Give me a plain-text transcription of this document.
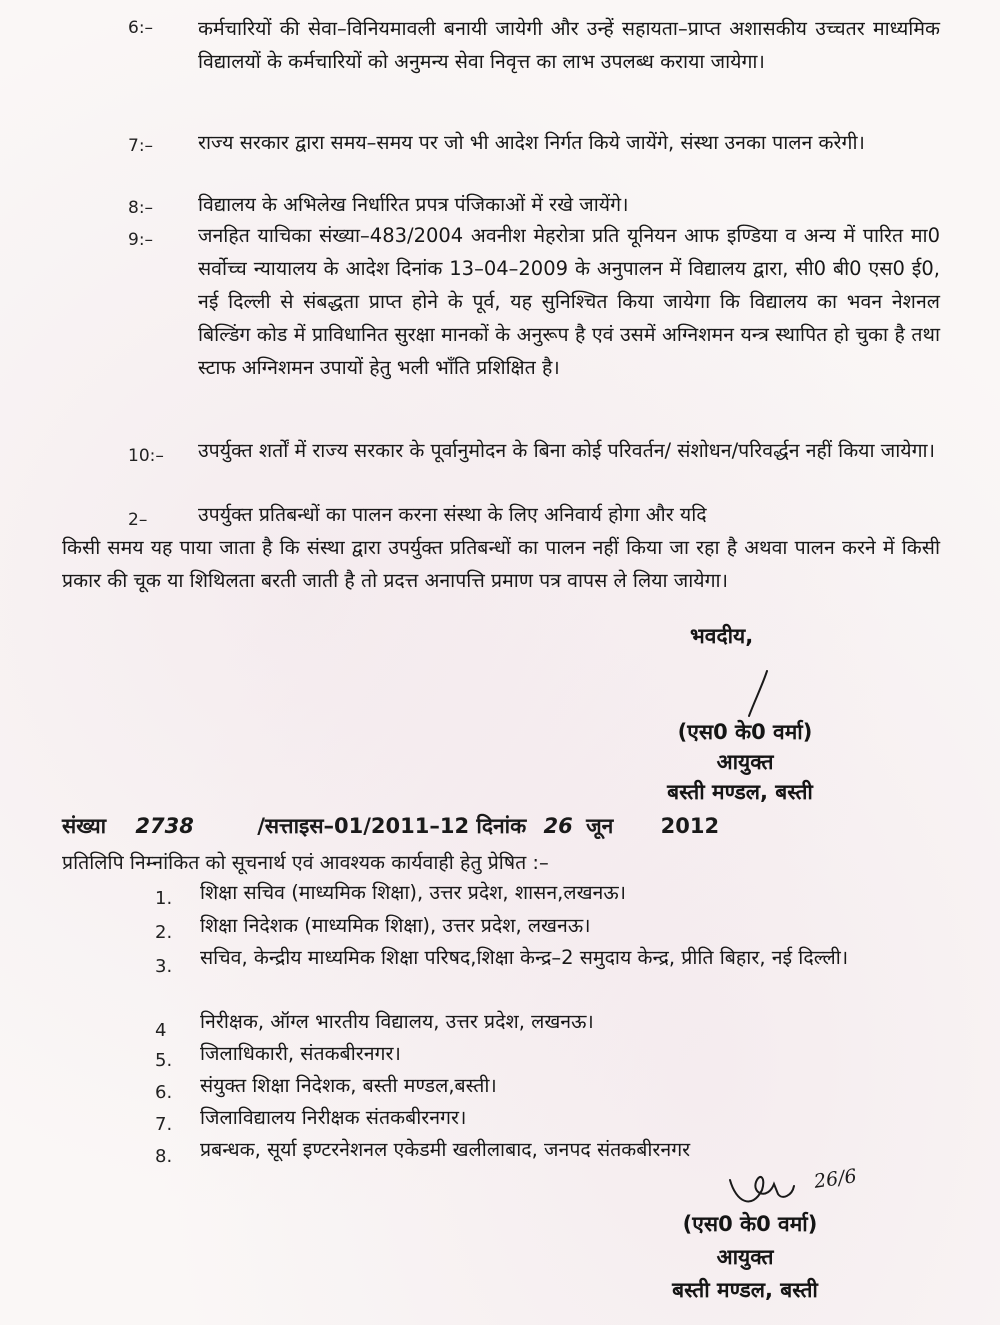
6:– कर्मचारियों की सेवा–विनियमावली बनायी जायेगी और उन्हें सहायता–प्राप्त अशासकीय उच्चतर माध्यमिक विद्यालयों के कर्मचारियों को अनुमन्य सेवा निवृत्त का लाभ उपलब्ध कराया जायेगा।
7:– राज्य सरकार द्वारा समय–समय पर जो भी आदेश निर्गत किये जायेंगे, संस्था उनका पालन करेगी।
8:– विद्यालय के अभिलेख निर्धारित प्रपत्र पंजिकाओं में रखे जायेंगे।
9:– जनहित याचिका संख्या–483/2004 अवनीश मेहरोत्रा प्रति यूनियन आफ इण्डिया व अन्य में पारित मा0 सर्वोच्च न्यायालय के आदेश दिनांक 13–04–2009 के अनुपालन में विद्यालय द्वारा, सी0 बी0 एस0 ई0, नई दिल्ली से संबद्धता प्राप्त होने के पूर्व, यह सुनिश्चित किया जायेगा कि विद्यालय का भवन नेशनल बिल्डिंग कोड में प्राविधानित सुरक्षा मानकों के अनुरूप है एवं उसमें अग्निशमन यन्त्र स्थापित हो चुका है तथा स्टाफ अग्निशमन उपायों हेतु भली भाँति प्रशिक्षित है।
10:– उपर्युक्त शर्तों में राज्य सरकार के पूर्वानुमोदन के बिना कोई परिवर्तन/ संशोधन/परिवर्द्धन नहीं किया जायेगा।
2–	उपर्युक्त प्रतिबन्धों का पालन करना संस्था के लिए अनिवार्य होगा और यदि
किसी समय यह पाया जाता है कि संस्था द्वारा उपर्युक्त प्रतिबन्धों का पालन नहीं किया जा रहा है अथवा पालन करने में किसी प्रकार की चूक या शिथिलता बरती जाती है तो प्रदत्त अनापत्ति प्रमाण पत्र वापस ले लिया जायेगा।
भवदीय,
(एस0 के0 वर्मा)
आयुक्त
बस्ती मण्डल, बस्ती
संख्या 2738	/सत्ताइस–01/2011–12 दिनांक 26 जून 2012
प्रतिलिपि निम्नांकित को सूचनार्थ एवं आवश्यक कार्यवाही हेतु प्रेषित :–
1. शिक्षा सचिव (माध्यमिक शिक्षा), उत्तर प्रदेश, शासन,लखनऊ।
2. शिक्षा निदेशक (माध्यमिक शिक्षा), उत्तर प्रदेश, लखनऊ।
3. सचिव, केन्द्रीय माध्यमिक शिक्षा परिषद,शिक्षा केन्द्र–2 समुदाय केन्द्र, प्रीति बिहार, नई दिल्ली।
4 निरीक्षक, ऑग्ल भारतीय विद्यालय, उत्तर प्रदेश, लखनऊ।
5. जिलाधिकारी, संतकबीरनगर।
6. संयुक्त शिक्षा निदेशक, बस्ती मण्डल,बस्ती।
7. जिलाविद्यालय निरीक्षक संतकबीरनगर।
8. प्रबन्धक, सूर्या इण्टरनेशनल एकेडमी खलीलाबाद, जनपद संतकबीरनगर
26/6
(एस0 के0 वर्मा)
आयुक्त
बस्ती मण्डल, बस्ती
